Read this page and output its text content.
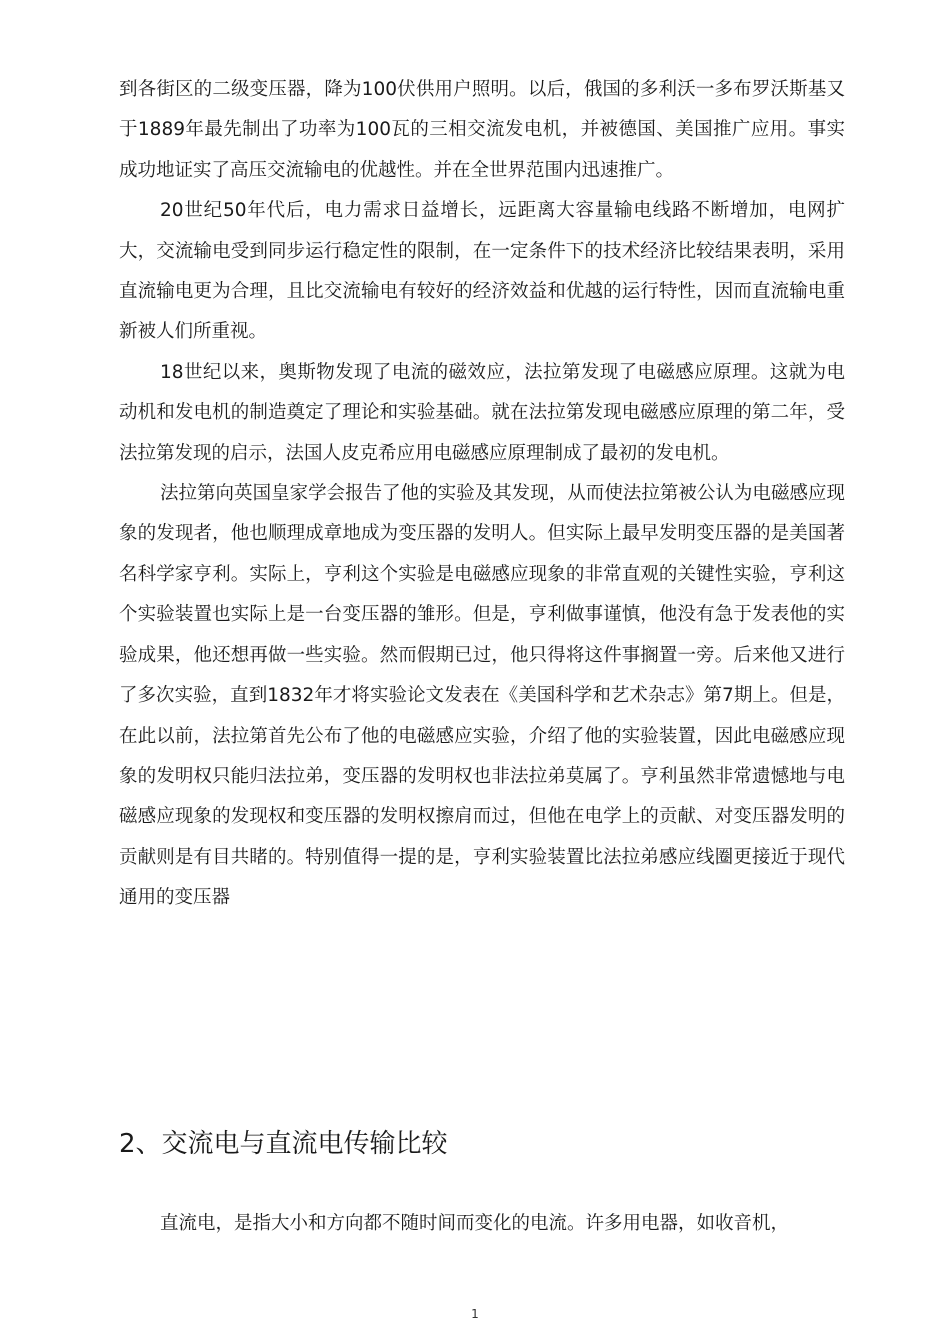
到各街区的二级变压器，降为100伏供用户照明。以后，俄国的多利沃一多布罗沃斯基又于1889年最先制出了功率为100瓦的三相交流发电机，并被德国、美国推广应用。事实成功地证实了高压交流输电的优越性。并在全世界范围内迅速推广。

20世纪50年代后，电力需求日益增长，远距离大容量输电线路不断增加，电网扩大，交流输电受到同步运行稳定性的限制，在一定条件下的技术经济比较结果表明，采用直流输电更为合理，且比交流输电有较好的经济效益和优越的运行特性，因而直流输电重新被人们所重视。

18世纪以来，奥斯物发现了电流的磁效应，法拉第发现了电磁感应原理。这就为电动机和发电机的制造奠定了理论和实验基础。就在法拉第发现电磁感应原理的第二年，受法拉第发现的启示，法国人皮克希应用电磁感应原理制成了最初的发电机。

法拉第向英国皇家学会报告了他的实验及其发现，从而使法拉第被公认为电磁感应现象的发现者，他也顺理成章地成为变压器的发明人。但实际上最早发明变压器的是美国著名科学家亨利。实际上，亨利这个实验是电磁感应现象的非常直观的关键性实验，亨利这个实验装置也实际上是一台变压器的雏形。但是，亨利做事谨慎，他没有急于发表他的实验成果，他还想再做一些实验。然而假期已过，他只得将这件事搁置一旁。后来他又进行了多次实验，直到1832年才将实验论文发表在《美国科学和艺术杂志》第7期上。但是，在此以前，法拉第首先公布了他的电磁感应实验，介绍了他的实验装置，因此电磁感应现象的发明权只能归法拉弟，变压器的发明权也非法拉弟莫属了。亨利虽然非常遗憾地与电磁感应现象的发现权和变压器的发明权擦肩而过，但他在电学上的贡献、对变压器发明的贡献则是有目共睹的。特别值得一提的是，亨利实验装置比法拉弟感应线圈更接近于现代通用的变压器

2、交流电与直流电传输比较

直流电，是指大小和方向都不随时间而变化的电流。许多用电器，如收音机，

1
